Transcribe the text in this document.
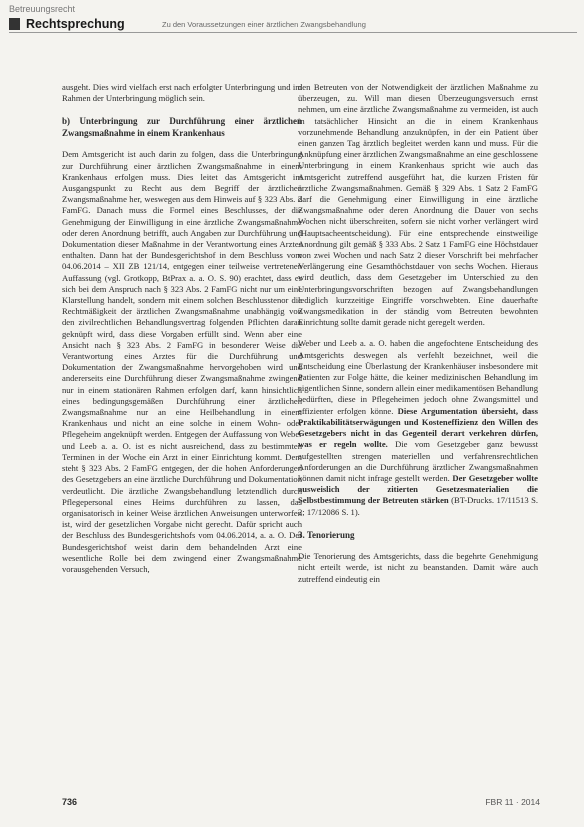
Betreuungsrecht
Rechtsprechung	Zu den Voraussetzungen einer ärztlichen Zwangsbehandlung

ausgeht. Dies wird vielfach erst nach erfolgter Unterbringung und im Rahmen der Unterbringung möglich sein.

b) Unterbringung zur Durchführung einer ärztlichen Zwangsmaßnahme in einem Krankenhaus

Dem Amtsgericht ist auch darin zu folgen, dass die Unterbringung zur Durchführung einer ärztlichen Zwangsmaßnahme in einem Krankenhaus erfolgen muss. Dies leitet das Amtsgericht im Ausgangspunkt zu Recht aus dem Begriff der ärztlichen Zwangsmaßnahme her, weswegen aus dem Hinweis auf § 323 Abs. 2 FamFG. Danach muss die Formel eines Beschlusses, der die Genehmigung der Einwilligung in eine ärztliche Zwangsmaßnahme oder deren Anordnung betrifft, auch Angaben zur Durchführung und Dokumentation dieser Maßnahme in der Verantwortung eines Arztes enthalten. Dann hat der Bundesgerichtshof in dem Beschluss vom 04.06.2014 – XII ZB 121/14, entgegen einer teilweise vertretenen Auffassung (vgl. Grotkopp, BtPrax a. a. O. S. 90) erachtet, dass es sich bei dem Anspruch nach § 323 Abs. 2 FamFG nicht nur um eine Klarstellung handelt, sondern mit einem solchen Beschlusstenor die Rechtmäßigkeit der ärztlichen Zwangsmaßnahme unabhängig von den zivilrechtlichen Behandlungsvertrag folgenden Pflichten daran geknüpft wird, dass diese Vorgaben erfüllt sind. Wenn aber eine Ansicht nach § 323 Abs. 2 FamFG in besonderer Weise die Verantwortung eines Arztes für die Durchführung und Dokumentation der Zwangsmaßnahme hervorgehoben wird und andererseits eine Durchführung dieser Zwangsmaßnahme zwingend nur in einem stationären Rahmen erfolgen darf, kann hinsichtlich eines bedingungsgemäßen Durchführung einer ärztlichen Zwangsmaßnahme nur an eine Heilbehandlung in einem Krankenhaus und nicht an eine solche in einem Wohn- oder Pflegeheim angeknüpft werden. Entgegen der Auffassung von Weber und Leeb a. a. O. ist es nicht ausreichend, dass zu bestimmten Terminen in der Woche ein Arzt in einer Einrichtung kommt. Dem steht § 323 Abs. 2 FamFG entgegen, der die hohen Anforderungen des Gesetzgebers an eine ärztliche Durchführung und Dokumentation verdeutlicht. Die ärztliche Zwangsbehandlung letztendlich durch Pflegepersonal eines Heims durchführen zu lassen, das organisatorisch in keiner Weise ärztlichen Anweisungen unterworfen ist, wird der gesetzlichen Vorgabe nicht gerecht. Dafür spricht auch der Beschluss des Bundesgerichtshofs vom 04.06.2014, a. a. O. Der Bundesgerichtshof weist darin dem behandelnden Arzt eine wesentliche Rolle bei dem zwingend einer Zwangsmaßnahme vorausgehenden Versuch,

den Betreuten von der Notwendigkeit der ärztlichen Maßnahme zu überzeugen, zu. Will man diesen Überzeugungsversuch ernst nehmen, um eine ärztliche Zwangsmaßnahme zu vermeiden, ist auch in tatsächlicher Hinsicht an die in einem Krankenhaus vorzunehmende Behandlung anzuknüpfen, in der ein Patient über einen ganzen Tag ärztlich begleitet werden kann und muss. Für die Anknüpfung einer ärztlichen Zwangsmaßnahme an eine geschlossene Unterbringung in einem Krankenhaus spricht wie auch das Amtsgericht zutreffend ausgeführt hat, die kurzen Fristen für ärztliche Zwangsmaßnahmen. Gemäß § 329 Abs. 1 Satz 2 FamFG darf die Genehmigung einer Einwilligung in eine ärztliche Zwangsmaßnahme oder deren Anordnung die Dauer von sechs Wochen nicht überschreiten, sofern sie nicht vorher verlängert wird (Hauptsacheentscheidung). Für eine entsprechende einstweilige Anordnung gilt gemäß § 333 Abs. 2 Satz 1 FamFG eine Höchstdauer von zwei Wochen und nach Satz 2 dieser Vorschrift bei mehrfacher Verlängerung eine Gesamthöchstdauer von sechs Wochen. Hieraus wird deutlich, dass dem Gesetzgeber im Unterschied zu den Unterbringungsvorschriften bezogen auf Zwangsbehandlungen lediglich kurzzeitige Eingriffe vorschwebten. Eine dauerhafte Zwangsmedikation in der ständig vom Betreuten bewohnten Einrichtung sollte damit gerade nicht geregelt werden.

Weber und Leeb a. a. O. haben die angefochtene Entscheidung des Amtsgerichts deswegen als verfehlt bezeichnet, weil die Entscheidung eine Überlastung der Krankenhäuser insbesondere mit Patienten zur Folge hätte, die keiner medizinischen Behandlung im eigentlichen Sinne, sondern allein einer medikamentösen Behandlung bedürften, diese in Pflegeheimen jedoch ohne Zwangsmittel und effizienter erfolgen könne. Diese Argumentation übersieht, dass Praktikabilitätserwägungen und Kosteneffizienz den Willen des Gesetzgebers nicht in das Gegenteil derart verkehren dürfen, was er regeln wollte. Die vom Gesetzgeber ganz bewusst aufgestellten strengen materiellen und verfahrensrechtlichen Anforderungen an die Durchführung ärztlicher Zwangsmaßnahmen können damit nicht infrage gestellt werden. Der Gesetzgeber wollte ausweislich der zitierten Gesetzesmaterialien die Selbstbestimmung der Betreuten stärken (BT-Drucks. 17/11513 S. 2; 17/12086 S. 1).

3. Tenorierung

Die Tenorierung des Amtsgerichts, dass die begehrte Genehmigung nicht erteilt werde, ist nicht zu beanstanden. Damit wäre auch zutreffend eindeutig ein

736	FBR 11 · 2014
